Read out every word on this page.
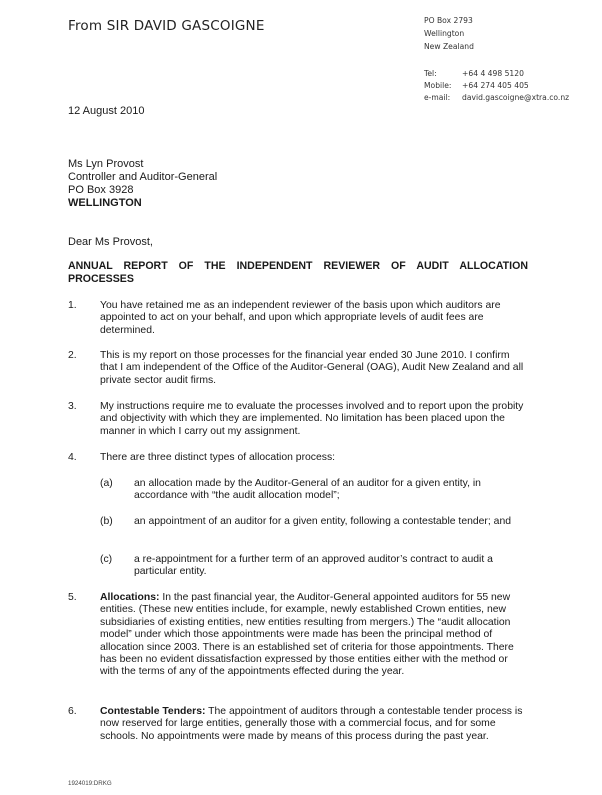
From SIR DAVID GASCOIGNE	PO Box 2793
Wellington
New Zealand
Tel:	+64 4 498 5120
Mobile:	+64 274 405 405
e-mail:	david.gascoigne@xtra.co.nz
12 August 2010
Ms Lyn Provost
Controller and Auditor-General
PO Box 3928
WELLINGTON
Dear Ms Provost,
ANNUAL REPORT OF THE INDEPENDENT REVIEWER OF AUDIT ALLOCATION PROCESSES
1. You have retained me as an independent reviewer of the basis upon which auditors are appointed to act on your behalf, and upon which appropriate levels of audit fees are determined.
2. This is my report on those processes for the financial year ended 30 June 2010. I confirm that I am independent of the Office of the Auditor-General (OAG), Audit New Zealand and all private sector audit firms.
3. My instructions require me to evaluate the processes involved and to report upon the probity and objectivity with which they are implemented. No limitation has been placed upon the manner in which I carry out my assignment.
4. There are three distinct types of allocation process:
(a) an allocation made by the Auditor-General of an auditor for a given entity, in accordance with “the audit allocation model”;
(b) an appointment of an auditor for a given entity, following a contestable tender; and
(c) a re-appointment for a further term of an approved auditor’s contract to audit a particular entity.
5. Allocations: In the past financial year, the Auditor-General appointed auditors for 55 new entities. (These new entities include, for example, newly established Crown entities, new subsidiaries of existing entities, new entities resulting from mergers.) The “audit allocation model” under which those appointments were made has been the principal method of allocation since 2003. There is an established set of criteria for those appointments. There has been no evident dissatisfaction expressed by those entities either with the method or with the terms of any of the appointments effected during the year.
6. Contestable Tenders: The appointment of auditors through a contestable tender process is now reserved for large entities, generally those with a commercial focus, and for some schools. No appointments were made by means of this process during the past year.
1924019:DRKG
